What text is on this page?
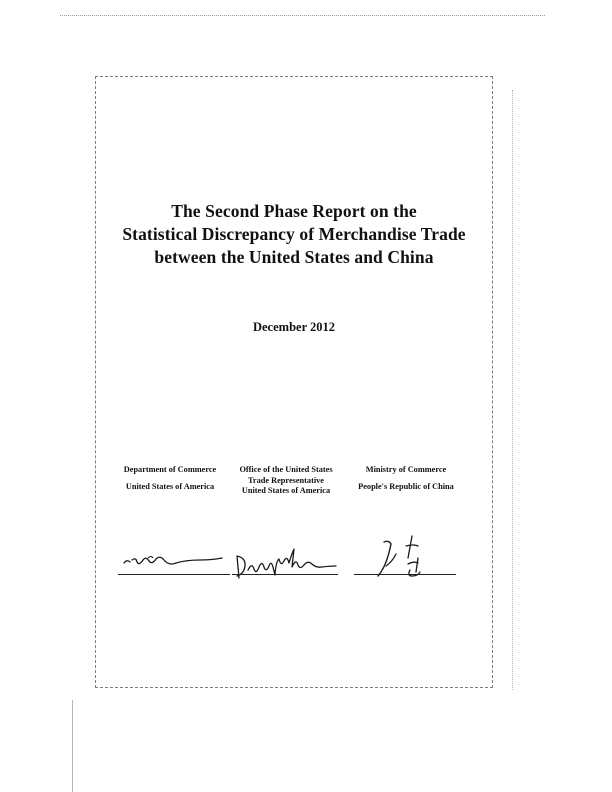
The Second Phase Report on the
Statistical Discrepancy of Merchandise Trade
between the United States and China
December 2012
Department of Commerce
United States of America
Office of the United States
Trade Representative
United States of America
Ministry of Commerce
People's Republic of China
